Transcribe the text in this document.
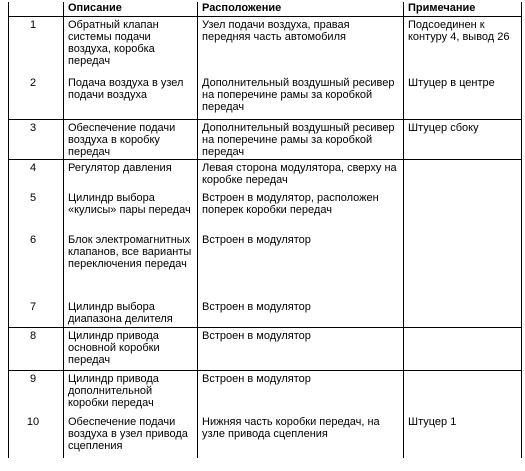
	Описание	Расположение	Примечание
1	Обратный клапан системы подачи воздуха, коробка передач	Узел подачи воздуха, правая передняя часть автомобиля	Подсоединен к контуру 4, вывод 26
2	Подача воздуха в узел подачи воздуха	Дополнительный воздушный ресивер на поперечине рамы за коробкой передач	Штуцер в центре
3	Обеспечение подачи воздуха в коробку передач	Дополнительный воздушный ресивер на поперечине рамы за коробкой передач	Штуцер сбоку
4	Регулятор давления	Левая сторона модулятора, сверху на коробке передач	
5	Цилиндр выбора «кулисы» пары передач	Встроен в модулятор, расположен поперек коробки передач	
6	Блок электромагнитных клапанов, все варианты переключения передач	Встроен в модулятор	
7	Цилиндр выбора диапазона делителя	Встроен в модулятор	
8	Цилиндр привода основной коробки передач	Встроен в модулятор	
9	Цилиндр привода дополнительной коробки передач	Встроен в модулятор	
10	Обеспечение подачи воздуха в узел привода сцепления	Нижняя часть коробки передач, на узле привода сцепления	Штуцер 1
